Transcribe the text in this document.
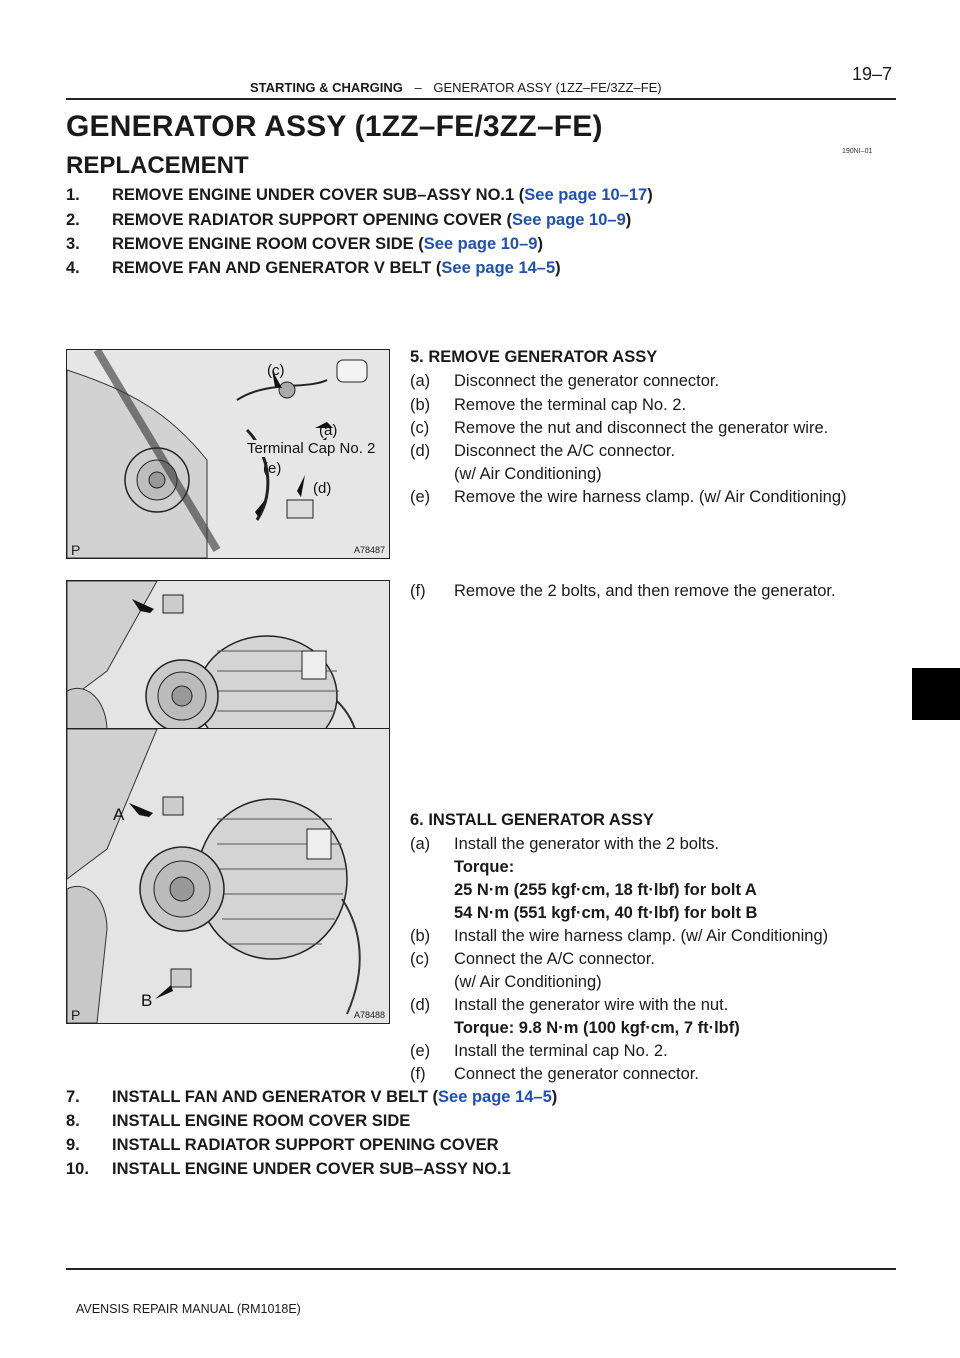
19–7
STARTING & CHARGING – GENERATOR ASSY (1ZZ–FE/3ZZ–FE)
GENERATOR ASSY (1ZZ–FE/3ZZ–FE)
REPLACEMENT
190NI–01
1. REMOVE ENGINE UNDER COVER SUB–ASSY NO.1 (See page 10–17)
2. REMOVE RADIATOR SUPPORT OPENING COVER (See page 10–9)
3. REMOVE ENGINE ROOM COVER SIDE (See page 10–9)
4. REMOVE FAN AND GENERATOR V BELT (See page 14–5)
(c)
(a)
Terminal Cap No. 2
(e)
(d)
P	A78487
5. REMOVE GENERATOR ASSY
(a) Disconnect the generator connector.
(b) Remove the terminal cap No. 2.
(c) Remove the nut and disconnect the generator wire.
(d) Disconnect the A/C connector.
(w/ Air Conditioning)
(e) Remove the wire harness clamp. (w/ Air Conditioning)
(f) Remove the 2 bolts, and then remove the generator.
A
B
P	A78488
6. INSTALL GENERATOR ASSY
(a) Install the generator with the 2 bolts.
Torque:
25 N·m (255 kgf·cm, 18 ft·lbf) for bolt A
54 N·m (551 kgf·cm, 40 ft·lbf) for bolt B
(b) Install the wire harness clamp. (w/ Air Conditioning)
(c) Connect the A/C connector.
(w/ Air Conditioning)
(d) Install the generator wire with the nut.
Torque: 9.8 N·m (100 kgf·cm, 7 ft·lbf)
(e) Install the terminal cap No. 2.
(f) Connect the generator connector.
7. INSTALL FAN AND GENERATOR V BELT (See page 14–5)
8. INSTALL ENGINE ROOM COVER SIDE
9. INSTALL RADIATOR SUPPORT OPENING COVER
10. INSTALL ENGINE UNDER COVER SUB–ASSY NO.1
AVENSIS REPAIR MANUAL (RM1018E)
